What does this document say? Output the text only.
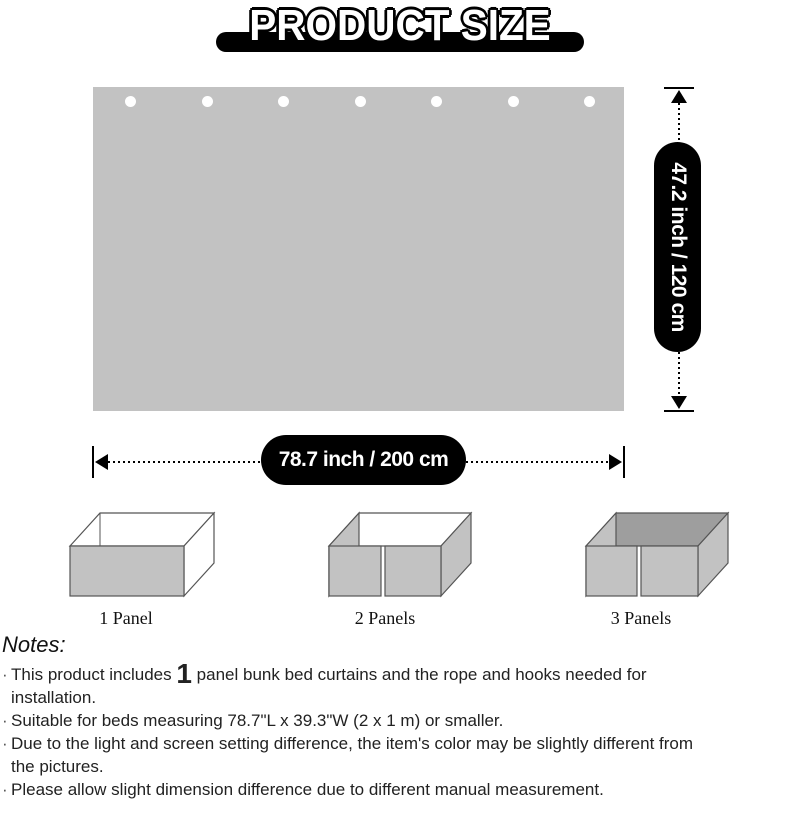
PRODUCT SIZE
47.2 inch / 120 cm
78.7 inch / 200 cm
1 Panel	2 Panels	3 Panels
Notes:
· This product includes 1 panel bunk bed curtains and the rope and hooks needed for
installation.
· Suitable for beds measuring 78.7"L x 39.3"W (2 x 1 m) or smaller.
· Due to the light and screen setting difference, the item's color may be slightly different from
the pictures.
· Please allow slight dimension difference due to different manual measurement.
